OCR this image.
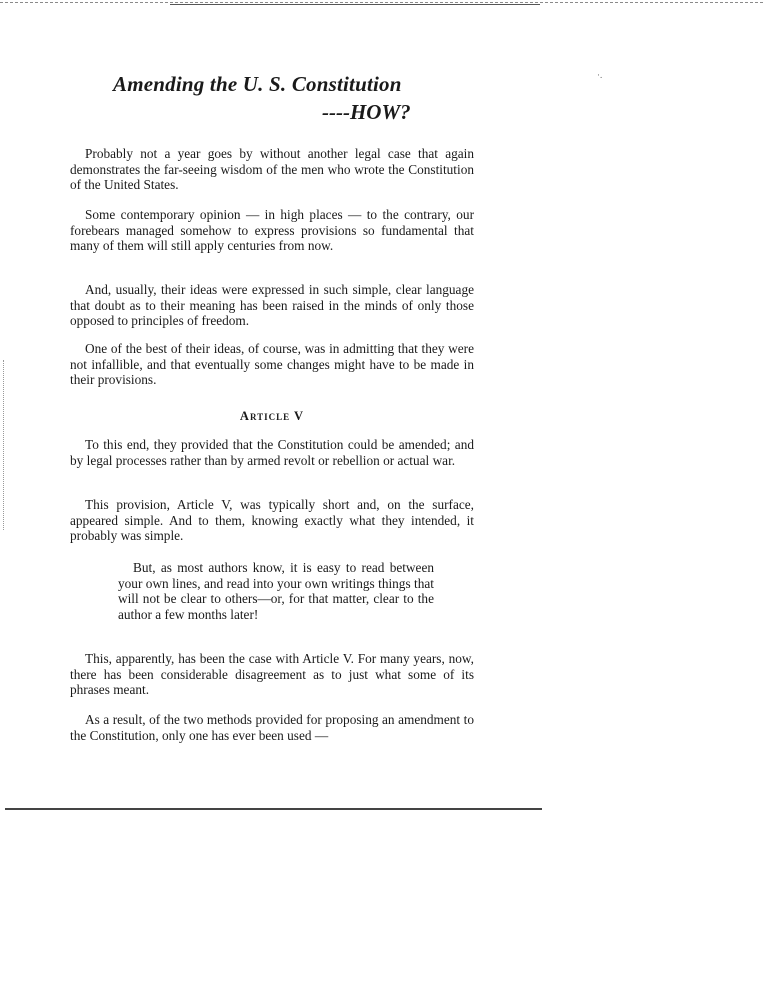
·.
Amending the U. S. Constitution
----HOW?

Probably not a year goes by without another legal case that again demonstrates the far-seeing wisdom of the men who wrote the Constitution of the United States.

Some contemporary opinion — in high places — to the contrary, our forebears managed somehow to express provisions so fundamental that many of them will still apply centuries from now.

And, usually, their ideas were expressed in such simple, clear language that doubt as to their meaning has been raised in the minds of only those opposed to principles of freedom.

One of the best of their ideas, of course, was in admitting that they were not infallible, and that eventually some changes might have to be made in their provisions.

Article V

To this end, they provided that the Constitution could be amended; and by legal processes rather than by armed revolt or rebellion or actual war.

This provision, Article V, was typically short and, on the surface, appeared simple. And to them, knowing exactly what they intended, it probably was simple.

But, as most authors know, it is easy to read between your own lines, and read into your own writings things that will not be clear to others—or, for that matter, clear to the author a few months later!

This, apparently, has been the case with Article V. For many years, now, there has been considerable disagreement as to just what some of its phrases meant.

As a result, of the two methods provided for proposing an amendment to the Constitution, only one has ever been used —
